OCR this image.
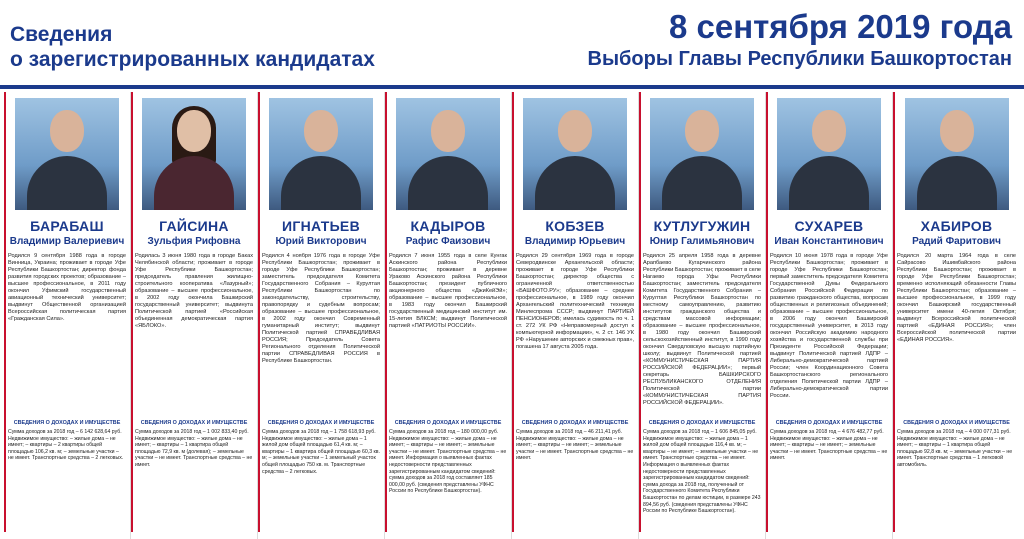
Сведения
о зарегистрированных кандидатах
8 сентября 2019 года
Выборы Главы Республики Башкортостан
БАРАБАШ
Владимир Валериевич
Родился 9 сентября 1988 года в городе Винница, Украина; проживает в городе Уфе Республики Башкортостан; директор фонда развития городских проектов; образование – высшее профессиональное, в 2011 году окончил Уфимский государственный авиационный технический университет; выдвинут Общественной организацией Всероссийская политическая партия «Гражданская Сила».
СВЕДЕНИЯ О ДОХОДАХ И ИМУЩЕСТВЕ
Сумма доходов за 2018 год – 6 142 628,64 руб. Недвижимое имущество: – жилые дома – не имеет; – квартиры – 2 квартиры общей площадью 106,2 кв. м; – земельные участки – не имеет. Транспортные средства – 2 легковых.
ГАЙСИНА
Зульфия Рифовна
Родилась 3 июня 1980 года в городе Баках Челябинской области; проживает в городе Уфе Республики Башкортостан; председатель правления жилищно-строительного кооператива «Лазурный»; образование – высшее профессиональное, в 2002 году окончила Башкирский государственный университет; выдвинута Политической партией «Российская объединенная демократическая партия «ЯБЛОКО».
СВЕДЕНИЯ О ДОХОДАХ И ИМУЩЕСТВЕ
Сумма доходов за 2018 год – 1 002 833,40 руб. Недвижимое имущество: – жилые дома – не имеет; – квартиры – 1 квартира общей площадью 72,9 кв. м (долевая); – земельные участки – не имеет. Транспортные средства – не имеет.
ИГНАТЬЕВ
Юрий Викторович
Родился 4 ноября 1976 года в городе Уфе Республики Башкортостан; проживает в городе Уфе Республики Башкортостан; заместитель председателя Комитета Государственного Собрания – Курултая Республики Башкортостан по законодательству, строительству, правопорядку и судебным вопросам; образование – высшее профессиональное, в 2002 году окончил Современный гуманитарный институт; выдвинут Политической партией СПРАВЕДЛИВАЯ РОССИЯ; Председатель Совета Регионального отделения Политической партии СПРАВЕДЛИВАЯ РОССИЯ в Республике Башкортостан.
СВЕДЕНИЯ О ДОХОДАХ И ИМУЩЕСТВЕ
Сумма доходов за 2018 год – 1 758 618,93 руб. Недвижимое имущество: – жилые дома – 1 жилой дом общей площадью 61,4 кв. м; – квартиры – 1 квартира общей площадью 60,3 кв. м; – земельные участки – 1 земельный участок общей площадью 750 кв. м. Транспортные средства – 2 легковых.
КАДЫРОВ
Рафис Фаизович
Родился 7 июня 1955 года в селе Кунгак Аскинского района Республики Башкортостан; проживает в деревне Ураково Аскинского района Республики Башкортостан; президент публичного акционерного общества «ДжиКейЭй»; образование – высшее профессиональное, в 1983 году окончил Башкирский государственный медицинский институт им. 15-летия ВЛКСМ; выдвинут Политической партией «ПАТРИОТЫ РОССИИ».
СВЕДЕНИЯ О ДОХОДАХ И ИМУЩЕСТВЕ
Сумма доходов за 2018 год – 180 000,00 руб. Недвижимое имущество: – жилые дома – не имеет; – квартиры – не имеет; – земельные участки – не имеет. Транспортные средства – не имеет. Информация о выявленных фактах недостоверности представленных зарегистрированным кандидатом сведений: сумма доходов за 2018 год составляет 185 000,00 руб. (сведения представлены УФНС России по Республике Башкортостан).
КОБЗЕВ
Владимир Юрьевич
Родился 29 сентября 1969 года в городе Северодвинске Архангельской области; проживает в городе Уфе Республики Башкортостан; директор общества с ограниченной ответственностью «БАШФОТО.РУ»; образование – среднее профессиональное, в 1989 году окончил Архангельский политехнический техникум Минлеспрома СССР; выдвинут ПАРТИЕЙ ПЕНСИОНЕРОВ; имелась судимость по ч. 1 ст. 272 УК РФ «Неправомерный доступ к компьютерной информации», ч. 2 ст. 146 УК РФ «Нарушение авторских и смежных прав», погашена 17 августа 2005 года.
СВЕДЕНИЯ О ДОХОДАХ И ИМУЩЕСТВЕ
Сумма доходов за 2018 год – 46 211,41 руб. Недвижимое имущество: – жилые дома – не имеет; – квартиры – не имеет; – земельные участки – не имеет. Транспортные средства – не имеет.
КУТЛУГУЖИН
Юнир Галимьянович
Родился 25 апреля 1958 года в деревне Арапбаево Кугарчинского района Республики Башкортостан; проживает в селе Нагаево города Уфы Республики Башкортостан; заместитель председателя Комитета Государственного Собрания – Курултая Республики Башкортостан по местному самоуправлению, развитию институтов гражданского общества и средствам массовой информации; образование – высшее профессиональное, в 1980 году окончил Башкирский сельскохозяйственный институт, в 1990 году окончил Свердловскую высшую партийную школу; выдвинут Политической партией «КОММУНИСТИЧЕСКАЯ ПАРТИЯ РОССИЙСКОЙ ФЕДЕРАЦИИ»; первый секретарь БАШКИРСКОГО РЕСПУБЛИКАНСКОГО ОТДЕЛЕНИЯ Политической партии «КОММУНИСТИЧЕСКАЯ ПАРТИЯ РОССИЙСКОЙ ФЕДЕРАЦИИ».
СВЕДЕНИЯ О ДОХОДАХ И ИМУЩЕСТВЕ
Сумма доходов за 2018 год – 1 606 845,05 руб. Недвижимое имущество: – жилые дома – 1 жилой дом общей площадью 116,4 кв. м; – квартиры – не имеет; – земельные участки – не имеет. Транспортные средства – не имеет. Информация о выявленных фактах недостоверности представленных зарегистрированным кандидатом сведений: сумма дохода за 2018 год, полученный от Государственного Комитета Республики Башкортостан по делам юстиции, в размере 243 894,56 руб. (сведения представлены УФНС России по Республике Башкортостан).
СУХАРЕВ
Иван Константинович
Родился 10 июня 1978 года в городе Уфе Республики Башкортостан; проживает в городе Уфе Республики Башкортостан; первый заместитель председателя Комитета Государственной Думы Федерального Собрания Российской Федерации по развитию гражданского общества, вопросам общественных и религиозных объединений; образование – высшее профессиональное, в 2006 году окончил Башкирский государственный университет, в 2013 году окончил Российскую академию народного хозяйства и государственной службы при Президенте Российской Федерации; выдвинут Политической партией ЛДПР – Либерально-демократической партией России; член Координационного Совета Башкортостанского регионального отделения Политической партии ЛДПР – Либерально-демократической партии России.
СВЕДЕНИЯ О ДОХОДАХ И ИМУЩЕСТВЕ
Сумма доходов за 2018 год – 4 676 482,77 руб. Недвижимое имущество: – жилые дома – не имеет; – квартиры – не имеет; – земельные участки – не имеет. Транспортные средства – не имеет.
ХАБИРОВ
Радий Фаритович
Родился 20 марта 1964 года в селе Сайрасово Ишимбайского района Республики Башкортостан; проживает в городе Уфе Республики Башкортостан; временно исполняющий обязанности Главы Республики Башкортостан; образование – высшее профессиональное, в 1999 году окончил Башкирский государственный университет имени 40-летия Октября; выдвинут Всероссийской политической партией «ЕДИНАЯ РОССИЯ»; член Всероссийской политической партии «ЕДИНАЯ РОССИЯ».
СВЕДЕНИЯ О ДОХОДАХ И ИМУЩЕСТВЕ
Сумма доходов за 2018 год – 4 000 077,31 руб. Недвижимое имущество: – жилые дома – не имеет; – квартиры – 1 квартира общей площадью 92,8 кв. м; – земельные участки – не имеет. Транспортные средства – 1 легковой автомобиль.
